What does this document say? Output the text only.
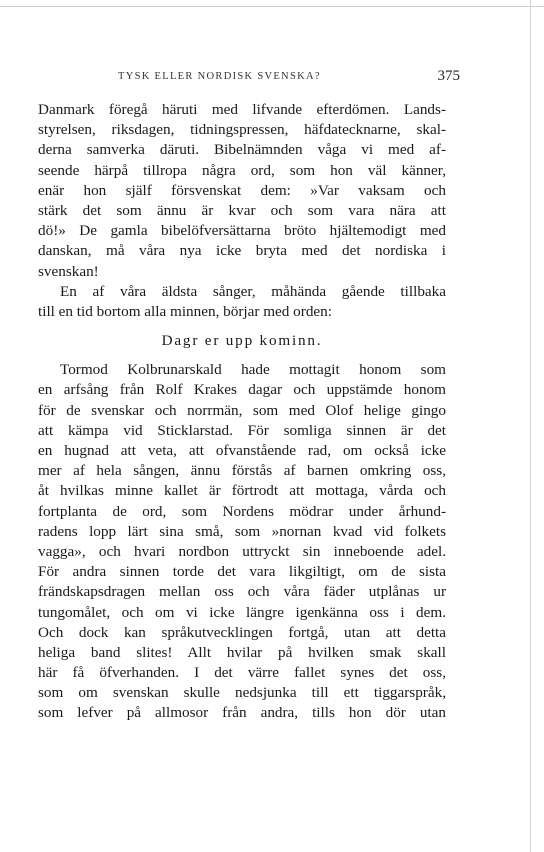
TYSK ELLER NORDISK SVENSKA?	375
Danmark föregå häruti med lifvande efterdömen. Lands-
styrelsen, riksdagen, tidningspressen, häfdatecknarne, skal-
derna samverka däruti. Bibelnämnden våga vi med af-
seende härpå tillropa några ord, som hon väl känner,
enär hon själf försvenskat dem: »Var vaksam och
stärk det som ännu är kvar och som vara nära att
dö!» De gamla bibelöfversättarna bröto hjältemodigt med
danskan, må våra nya icke bryta med det nordiska i
svenskan!
En af våra äldsta sånger, måhända gående tillbaka
till en tid bortom alla minnen, börjar med orden:
Dagr er upp kominn.
Tormod Kolbrunarskald hade mottagit honom som
en arfsång från Rolf Krakes dagar och uppstämde honom
för de svenskar och norrmän, som med Olof helige gingo
att kämpa vid Sticklarstad. För somliga sinnen är det
en hugnad att veta, att ofvanstående rad, om också icke
mer af hela sången, ännu förstås af barnen omkring oss,
åt hvilkas minne kallet är förtrodt att mottaga, vårda och
fortplanta de ord, som Nordens mödrar under århund-
radens lopp lärt sina små, som »nornan kvad vid folkets
vagga», och hvari nordbon uttryckt sin inneboende adel.
För andra sinnen torde det vara likgiltigt, om de sista
frändskapsdragen mellan oss och våra fäder utplånas ur
tungomålet, och om vi icke längre igenkänna oss i dem.
Och dock kan språkutvecklingen fortgå, utan att detta
heliga band slites! Allt hvilar på hvilken smak skall
här få öfverhanden. I det värre fallet synes det oss,
som om svenskan skulle nedsjunka till ett tiggarspråk,
som lefver på allmosor från andra, tills hon dör utan
